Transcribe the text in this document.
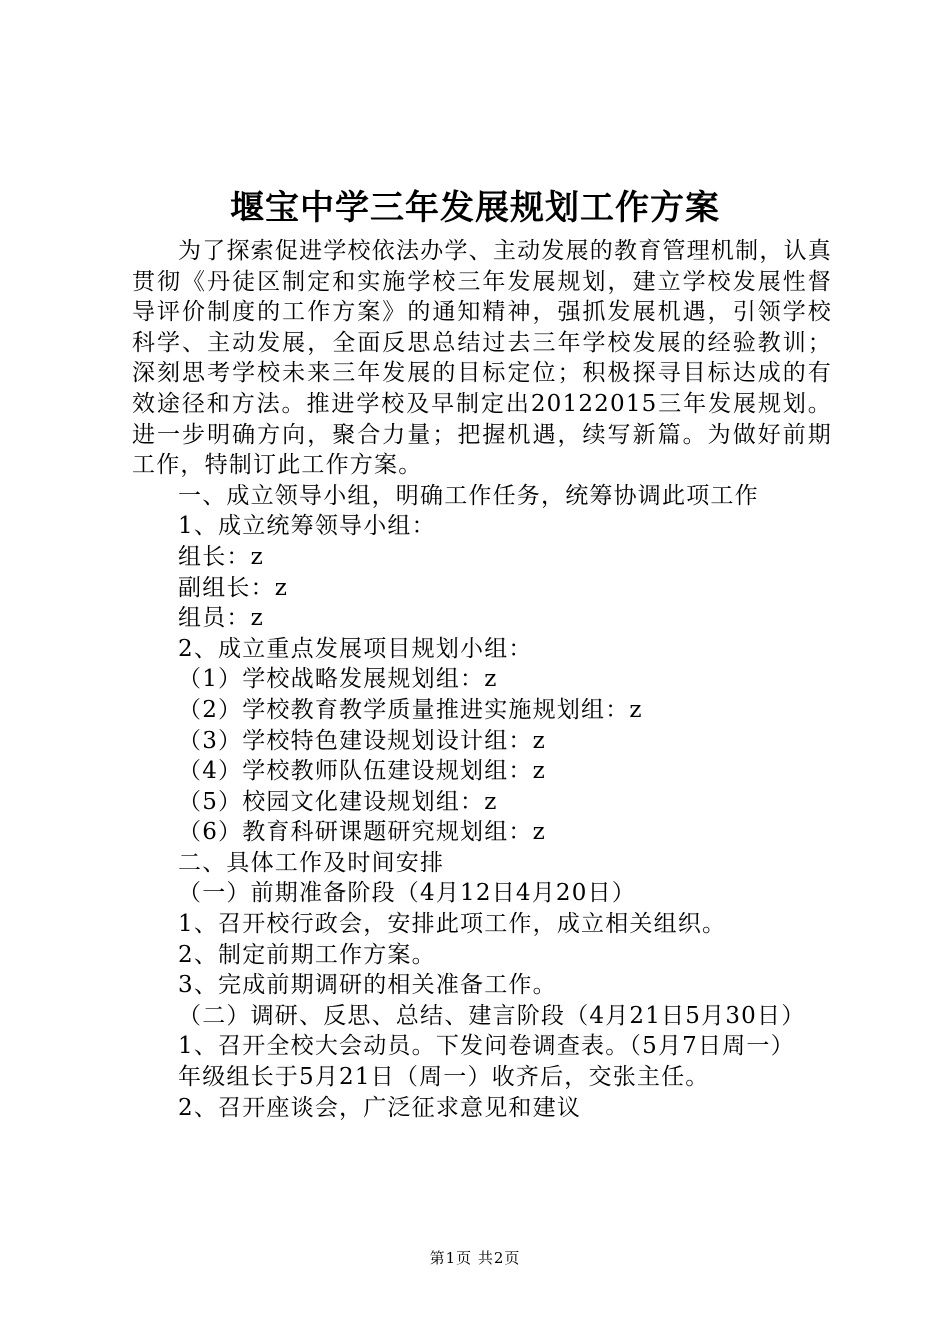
堰宝中学三年发展规划工作方案

为了探索促进学校依法办学、主动发展的教育管理机制，认真贯彻《丹徒区制定和实施学校三年发展规划，建立学校发展性督导评价制度的工作方案》的通知精神，强抓发展机遇，引领学校科学、主动发展，全面反思总结过去三年学校发展的经验教训；深刻思考学校未来三年发展的目标定位；积极探寻目标达成的有效途径和方法。推进学校及早制定出20122015三年发展规划。进一步明确方向，聚合力量；把握机遇，续写新篇。为做好前期工作，特制订此工作方案。

一、成立领导小组，明确工作任务，统筹协调此项工作

1、成立统筹领导小组：

组长：z

副组长：z

组员：z

2、成立重点发展项目规划小组：

（1）学校战略发展规划组：z

（2）学校教育教学质量推进实施规划组：z

（3）学校特色建设规划设计组：z

（4）学校教师队伍建设规划组：z

（5）校园文化建设规划组：z

（6）教育科研课题研究规划组：z

二、具体工作及时间安排

（一）前期准备阶段（4月12日4月20日）

1、召开校行政会，安排此项工作，成立相关组织。

2、制定前期工作方案。

3、完成前期调研的相关准备工作。

（二）调研、反思、总结、建言阶段（4月21日5月30日）

1、召开全校大会动员。下发问卷调查表。（5月7日周一）

年级组长于5月21日（周一）收齐后，交张主任。

2、召开座谈会，广泛征求意见和建议

第1页 共2页
